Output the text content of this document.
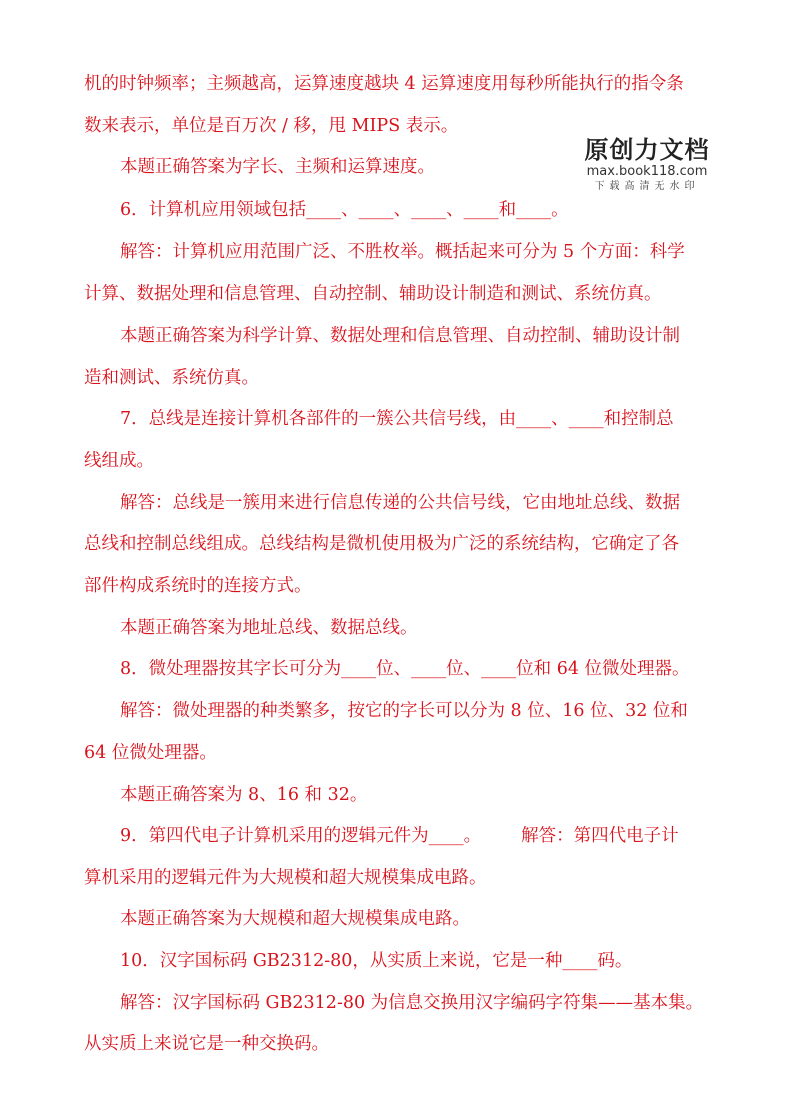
机的时钟频率；主频越高，运算速度越块 4 运算速度用每秒所能执行的指令条
数来表示，单位是百万次 / 移，甩 MIPS 表示。
原创力文档
max.book118.com
下载高清无水印
本题正确答案为字长、主频和运算速度。
6．计算机应用领域包括____、____、____、____和____。
解答：计算机应用范围广泛、不胜枚举。概括起来可分为 5 个方面：科学
计算、数据处理和信息管理、自动控制、辅助设计制造和测试、系统仿真。
本题正确答案为科学计算、数据处理和信息管理、自动控制、辅助设计制
造和测试、系统仿真。
7．总线是连接计算机各部件的一簇公共信号线，由____、____和控制总
线组成。
解答：总线是一簇用来进行信息传递的公共信号线，它由地址总线、数据
总线和控制总线组成。总线结构是微机使用极为广泛的系统结构，它确定了各
部件构成系统时的连接方式。
本题正确答案为地址总线、数据总线。
8．微处理器按其字长可分为____位、____位、____位和 64 位微处理器。
解答：微处理器的种类繁多，按它的字长可以分为 8 位、16 位、32 位和
64 位微处理器。
本题正确答案为 8、16 和 32。
9．第四代电子计算机采用的逻辑元件为____。 解答：第四代电子计
算机采用的逻辑元件为大规模和超大规模集成电路。
本题正确答案为大规模和超大规模集成电路。
10．汉字国标码 GB2312-80，从实质上来说，它是一种____码。
解答：汉字国标码 GB2312-80 为信息交换用汉字编码字符集——基本集。
从实质上来说它是一种交换码。
